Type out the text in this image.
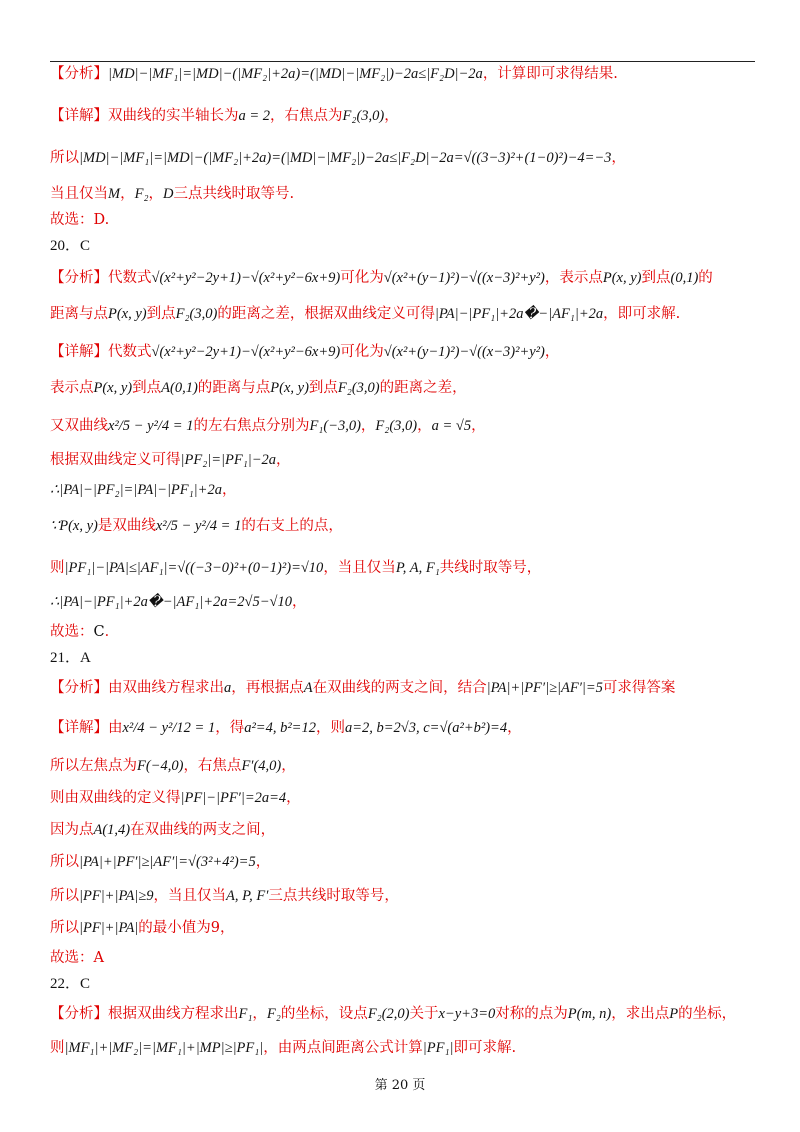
【分析】|MD|−|MF₁|=|MD|−(|MF₂|+2a)=(|MD|−|MF₂|)−2a≤|F₂D|−2a，计算即可求得结果.
【详解】双曲线的实半轴长为a = 2，右焦点为F₂(3,0)，
所以|MD|−|MF₁|=|MD|−(|MF₂|+2a)=(|MD|−|MF₂|)−2a≤|F₂D|−2a=√((3−3)²+(1−0)²)−4=−3，
当且仅当M，F₂，D三点共线时取等号.
故选：D.
20．C
【分析】代数式√(x²+y²−2y+1)−√(x²+y²−6x+9)可化为√(x²+(y−1)²)−√((x−3)²+y²)，表示点P(x, y)到点(0,1)的
距离与点P(x, y)到点F₂(3,0)的距离之差，根据双曲线定义可得|PA|−|PF₁|+2a�−|AF₁|+2a，即可求解.
【详解】代数式√(x²+y²−2y+1)−√(x²+y²−6x+9)可化为√(x²+(y−1)²)−√((x−3)²+y²)，
表示点P(x, y)到点A(0,1)的距离与点P(x, y)到点F₂(3,0)的距离之差，
又双曲线x²/5 − y²/4 = 1的左右焦点分别为F₁(−3,0)，F₂(3,0)，a = √5，
根据双曲线定义可得|PF₂|=|PF₁|−2a，
∴|PA|−|PF₂|=|PA|−|PF₁|+2a，
∵P(x, y)是双曲线x²/5 − y²/4 = 1的右支上的点，
则|PF₁|−|PA|≤|AF₁|=√((−3−0)²+(0−1)²)=√10，当且仅当P, A, F₁共线时取等号，
∴|PA|−|PF₁|+2a�−|AF₁|+2a=2√5−√10，
故选：C．
21．A
【分析】由双曲线方程求出a，再根据点A在双曲线的两支之间，结合|PA|+|PF′|≥|AF′|=5可求得答案
【详解】由x²/4 − y²/12 = 1，得a²=4, b²=12，则a=2, b=2√3, c=√(a²+b²)=4，
所以左焦点为F(−4,0)，右焦点F′(4,0)，
则由双曲线的定义得|PF|−|PF′|=2a=4，
因为点A(1,4)在双曲线的两支之间，
所以|PA|+|PF′|≥|AF′|=√(3²+4²)=5，
所以|PF|+|PA|≥9，当且仅当A, P, F′三点共线时取等号，
所以|PF|+|PA|的最小值为9，
故选：A
22．C
【分析】根据双曲线方程求出F₁，F₂的坐标，设点F₂(2,0)关于x−y+3=0对称的点为P(m, n)，求出点P的坐标，
则|MF₁|+|MF₂|=|MF₁|+|MP|≥|PF₁|，由两点间距离公式计算|PF₁|即可求解.
第 20 页
